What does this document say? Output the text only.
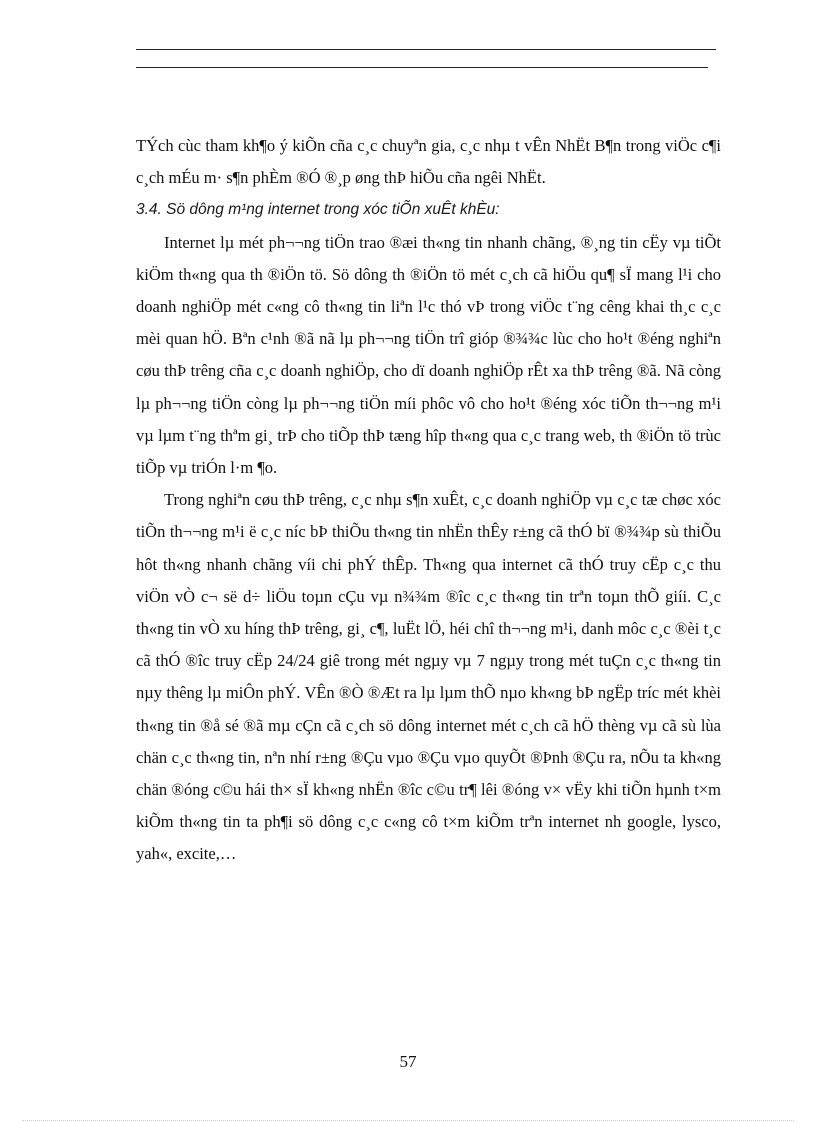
TÝch cùc tham kh¶o ý kiÕn cña c¸c chuyªn gia, c¸c nhµ t vÊn NhËt B¶n trong viÖc c¶i c¸ch mÉu m· s¶n phÈm ®Ó ®¸p øng thÞ hiÕu cña ngêi NhËt.

3.4. Sö dông m¹ng internet trong xóc tiÕn xuÊt khÈu:

Internet lµ mét ph¬¬ng tiÖn trao ®æi th«ng tin nhanh chãng, ®¸ng tin cËy vµ tiÕt kiÖm th«ng qua th ®iÖn tö. Sö dông th ®iÖn tö mét c¸ch cã hiÖu qu¶ sÏ mang l¹i cho doanh nghiÖp mét c«ng cô th«ng tin liªn l¹c thó vÞ trong viÖc t¨ng cêng khai th¸c c¸c mèi quan hÖ. Bªn c¹nh ®ã nã lµ ph¬¬ng tiÖn trî gióp ®¾¾c lùc cho ho¹t ®éng nghiªn cøu thÞ trêng cña c¸c doanh nghiÖp, cho dï doanh nghiÖp rÊt xa thÞ trêng ®ã. Nã còng lµ ph¬¬ng tiÖn còng lµ ph¬¬ng tiÖn míi phôc vô cho ho¹t ®éng xóc tiÕn th¬¬ng m¹i vµ lµm t¨ng thªm gi¸ trÞ cho tiÕp thÞ tæng hîp th«ng qua c¸c trang web, th ®iÖn tö trùc tiÕp vµ triÓn l·m ¶o.

Trong nghiªn cøu thÞ trêng, c¸c nhµ s¶n xuÊt, c¸c doanh nghiÖp vµ c¸c tæ chøc xóc tiÕn th¬¬ng m¹i ë c¸c níc bÞ thiÕu th«ng tin nhËn thÊy r±ng cã thÓ bï ®¾¾p sù thiÕu hôt th«ng nhanh chãng víi chi phÝ thÊp. Th«ng qua internet cã thÓ truy cËp c¸c thu viÖn vÒ c¬ së d÷ liÖu toµn cÇu vµ n¾¾m ®îc c¸c th«ng tin trªn toµn thÕ giíi. C¸c th«ng tin vÒ xu híng thÞ trêng, gi¸ c¶, luËt lÖ, héi chî th¬¬ng m¹i, danh môc c¸c ®èi t¸c cã thÓ ®îc truy cËp 24/24 giê trong mét ngµy vµ 7 ngµy trong mét tuÇn c¸c th«ng tin nµy thêng lµ miÔn phÝ. VÊn ®Ò ®Æt ra lµ lµm thÕ nµo kh«ng bÞ ngËp tríc mét khèi th«ng tin ®å sé ®ã mµ cÇn cã c¸ch sö dông internet mét c¸ch cã hÖ thèng vµ cã sù lùa chän c¸c th«ng tin, nªn nhí r±ng ®Çu vµo ®Çu vµo quyÕt ®Þnh ®Çu ra, nÕu ta kh«ng chän ®óng c©u hái th× sÏ kh«ng nhËn ®îc c©u tr¶ lêi ®óng v× vËy khi tiÕn hµnh t×m kiÕm th«ng tin ta ph¶i sö dông c¸c c«ng cô t×m kiÕm trªn internet nh google, lysco, yah«, excite,…

57
